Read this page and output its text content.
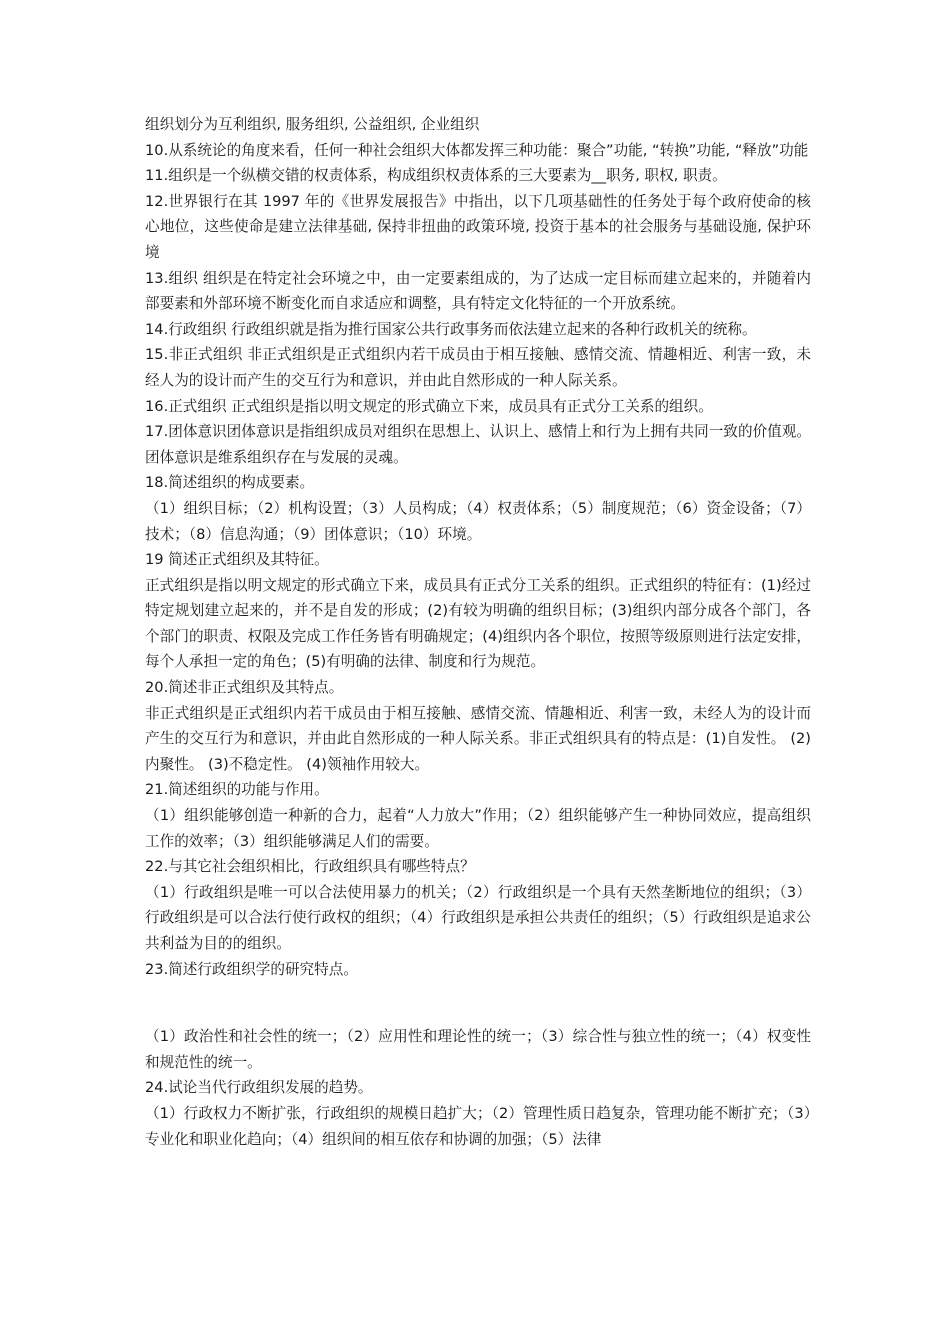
组织划分为互利组织, 服务组织, 公益组织, 企业组织

10.从系统论的角度来看，任何一种社会组织大体都发挥三种功能：聚合”功能, “转换”功能, “释放”功能

11.组织是一个纵横交错的权责体系，构成组织权责体系的三大要素为__职务, 职权, 职责。

12.世界银行在其 1997 年的《世界发展报告》中指出，以下几项基础性的任务处于每个政府使命的核心地位，这些使命是建立法律基础, 保持非扭曲的政策环境, 投资于基本的社会服务与基础设施, 保护环境

13.组织 组织是在特定社会环境之中，由一定要素组成的，为了达成一定目标而建立起来的，并随着内部要素和外部环境不断变化而自求适应和调整，具有特定文化特征的一个开放系统。

14.行政组织 行政组织就是指为推行国家公共行政事务而依法建立起来的各种行政机关的统称。

15.非正式组织 非正式组织是正式组织内若干成员由于相互接触、感情交流、情趣相近、利害一致，未经人为的设计而产生的交互行为和意识，并由此自然形成的一种人际关系。

16.正式组织 正式组织是指以明文规定的形式确立下来，成员具有正式分工关系的组织。

17.团体意识团体意识是指组织成员对组织在思想上、认识上、感情上和行为上拥有共同一致的价值观。团体意识是维系组织存在与发展的灵魂。

18.简述组织的构成要素。

（1）组织目标；（2）机构设置；（3）人员构成；（4）权责体系；（5）制度规范；（6）资金设备；（7）技术；（8）信息沟通；（9）团体意识；（10）环境。

19 简述正式组织及其特征。

正式组织是指以明文规定的形式确立下来，成员具有正式分工关系的组织。正式组织的特征有：(1)经过特定规划建立起来的，并不是自发的形成；(2)有较为明确的组织目标；(3)组织内部分成各个部门，各个部门的职责、权限及完成工作任务皆有明确规定；(4)组织内各个职位，按照等级原则进行法定安排，每个人承担一定的角色；(5)有明确的法律、制度和行为规范。

20.简述非正式组织及其特点。

非正式组织是正式组织内若干成员由于相互接触、感情交流、情趣相近、利害一致，未经人为的设计而产生的交互行为和意识，并由此自然形成的一种人际关系。非正式组织具有的特点是：(1)自发性。 (2)内聚性。 (3)不稳定性。 (4)领袖作用较大。

21.简述组织的功能与作用。

（1）组织能够创造一种新的合力，起着“人力放大”作用；（2）组织能够产生一种协同效应，提高组织工作的效率；（3）组织能够满足人们的需要。

22.与其它社会组织相比，行政组织具有哪些特点？

（1）行政组织是唯一可以合法使用暴力的机关；（2）行政组织是一个具有天然垄断地位的组织；（3）行政组织是可以合法行使行政权的组织；（4）行政组织是承担公共责任的组织；（5）行政组织是追求公共利益为目的的组织。

23.简述行政组织学的研究特点。

（1）政治性和社会性的统一；（2）应用性和理论性的统一；（3）综合性与独立性的统一；（4）权变性和规范性的统一。

24.试论当代行政组织发展的趋势。

（1）行政权力不断扩张，行政组织的规模日趋扩大；（2）管理性质日趋复杂，管理功能不断扩充；（3）专业化和职业化趋向；（4）组织间的相互依存和协调的加强；（5）法律
